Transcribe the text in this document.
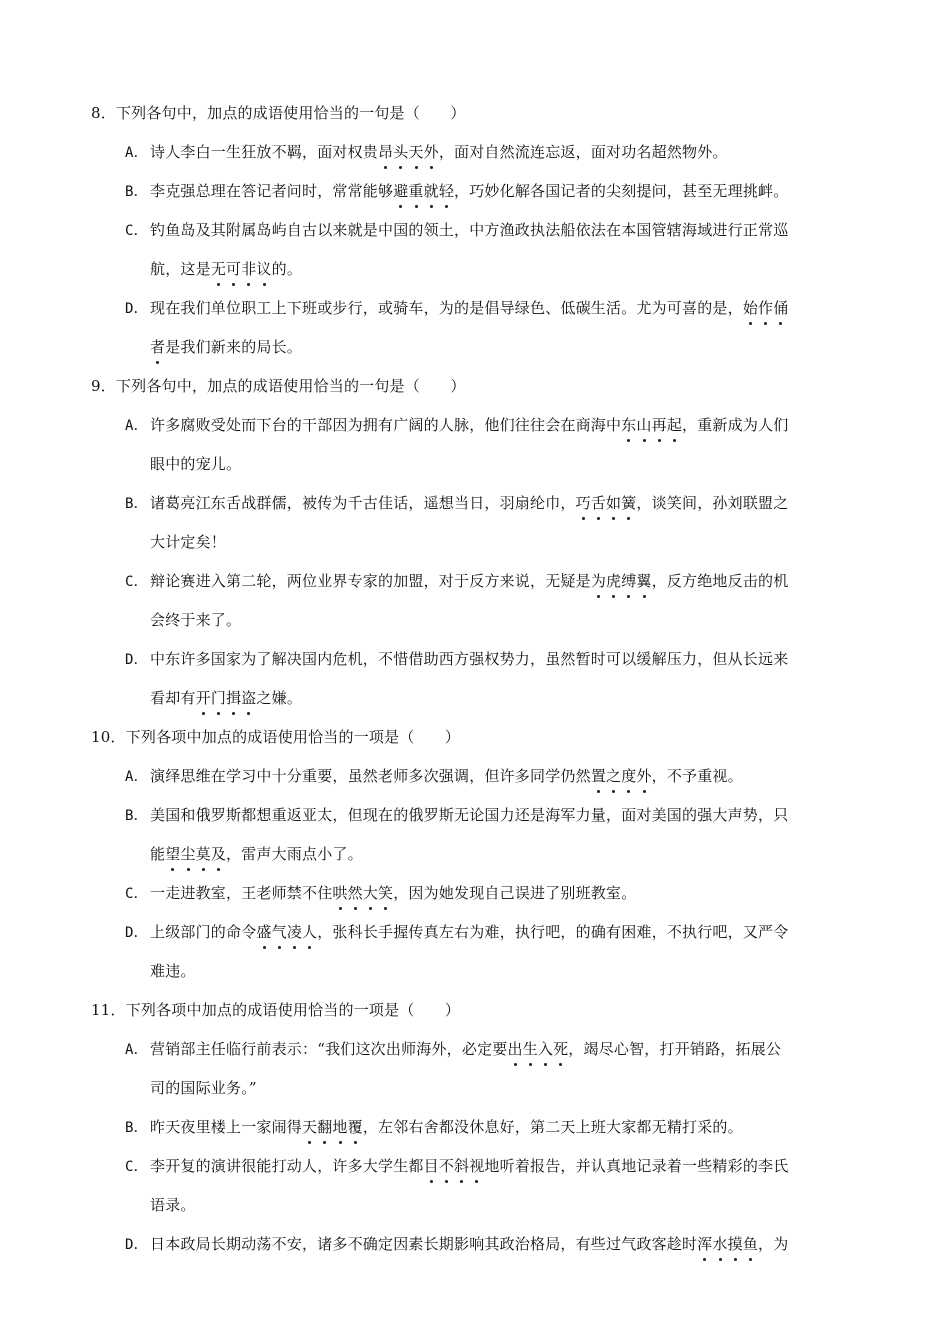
8．下列各句中，加点的成语使用恰当的一句是（　　）
A． 诗人李白一生狂放不羁，面对权贵昂头天外，面对自然流连忘返，面对功名超然物外。
B． 李克强总理在答记者问时，常常能够避重就轻，巧妙化解各国记者的尖刻提问，甚至无理挑衅。
C． 钓鱼岛及其附属岛屿自古以来就是中国的领土，中方渔政执法船依法在本国管辖海域进行正常巡
航，这是无可非议的。
D． 现在我们单位职工上下班或步行，或骑车，为的是倡导绿色、低碳生活。尤为可喜的是，始作俑
者是我们新来的局长。
9．下列各句中，加点的成语使用恰当的一句是（　　）
A． 许多腐败受处而下台的干部因为拥有广阔的人脉，他们往往会在商海中东山再起，重新成为人们
眼中的宠儿。
B． 诸葛亮江东舌战群儒，被传为千古佳话，遥想当日，羽扇纶巾，巧舌如簧，谈笑间，孙刘联盟之
大计定矣！
C． 辩论赛进入第二轮，两位业界专家的加盟，对于反方来说，无疑是为虎缚翼，反方绝地反击的机
会终于来了。
D． 中东许多国家为了解决国内危机，不惜借助西方强权势力，虽然暂时可以缓解压力，但从长远来
看却有开门揖盗之嫌。
10．下列各项中加点的成语使用恰当的一项是（　　）
A． 演绎思维在学习中十分重要，虽然老师多次强调，但许多同学仍然置之度外，不予重视。
B． 美国和俄罗斯都想重返亚太，但现在的俄罗斯无论国力还是海军力量，面对美国的强大声势，只
能望尘莫及，雷声大雨点小了。
C． 一走进教室，王老师禁不住哄然大笑，因为她发现自己误进了别班教室。
D． 上级部门的命令盛气凌人，张科长手握传真左右为难，执行吧，的确有困难，不执行吧，又严令
难违。
11．下列各项中加点的成语使用恰当的一项是（　　）
A． 营销部主任临行前表示：“我们这次出师海外，必定要出生入死，竭尽心智，打开销路，拓展公
司的国际业务。”
B． 昨天夜里楼上一家闹得天翻地覆，左邻右舍都没休息好，第二天上班大家都无精打采的。
C． 李开复的演讲很能打动人，许多大学生都目不斜视地听着报告，并认真地记录着一些精彩的李氏
语录。
D． 日本政局长期动荡不安，诸多不确定因素长期影响其政治格局，有些过气政客趁时浑水摸鱼，为
